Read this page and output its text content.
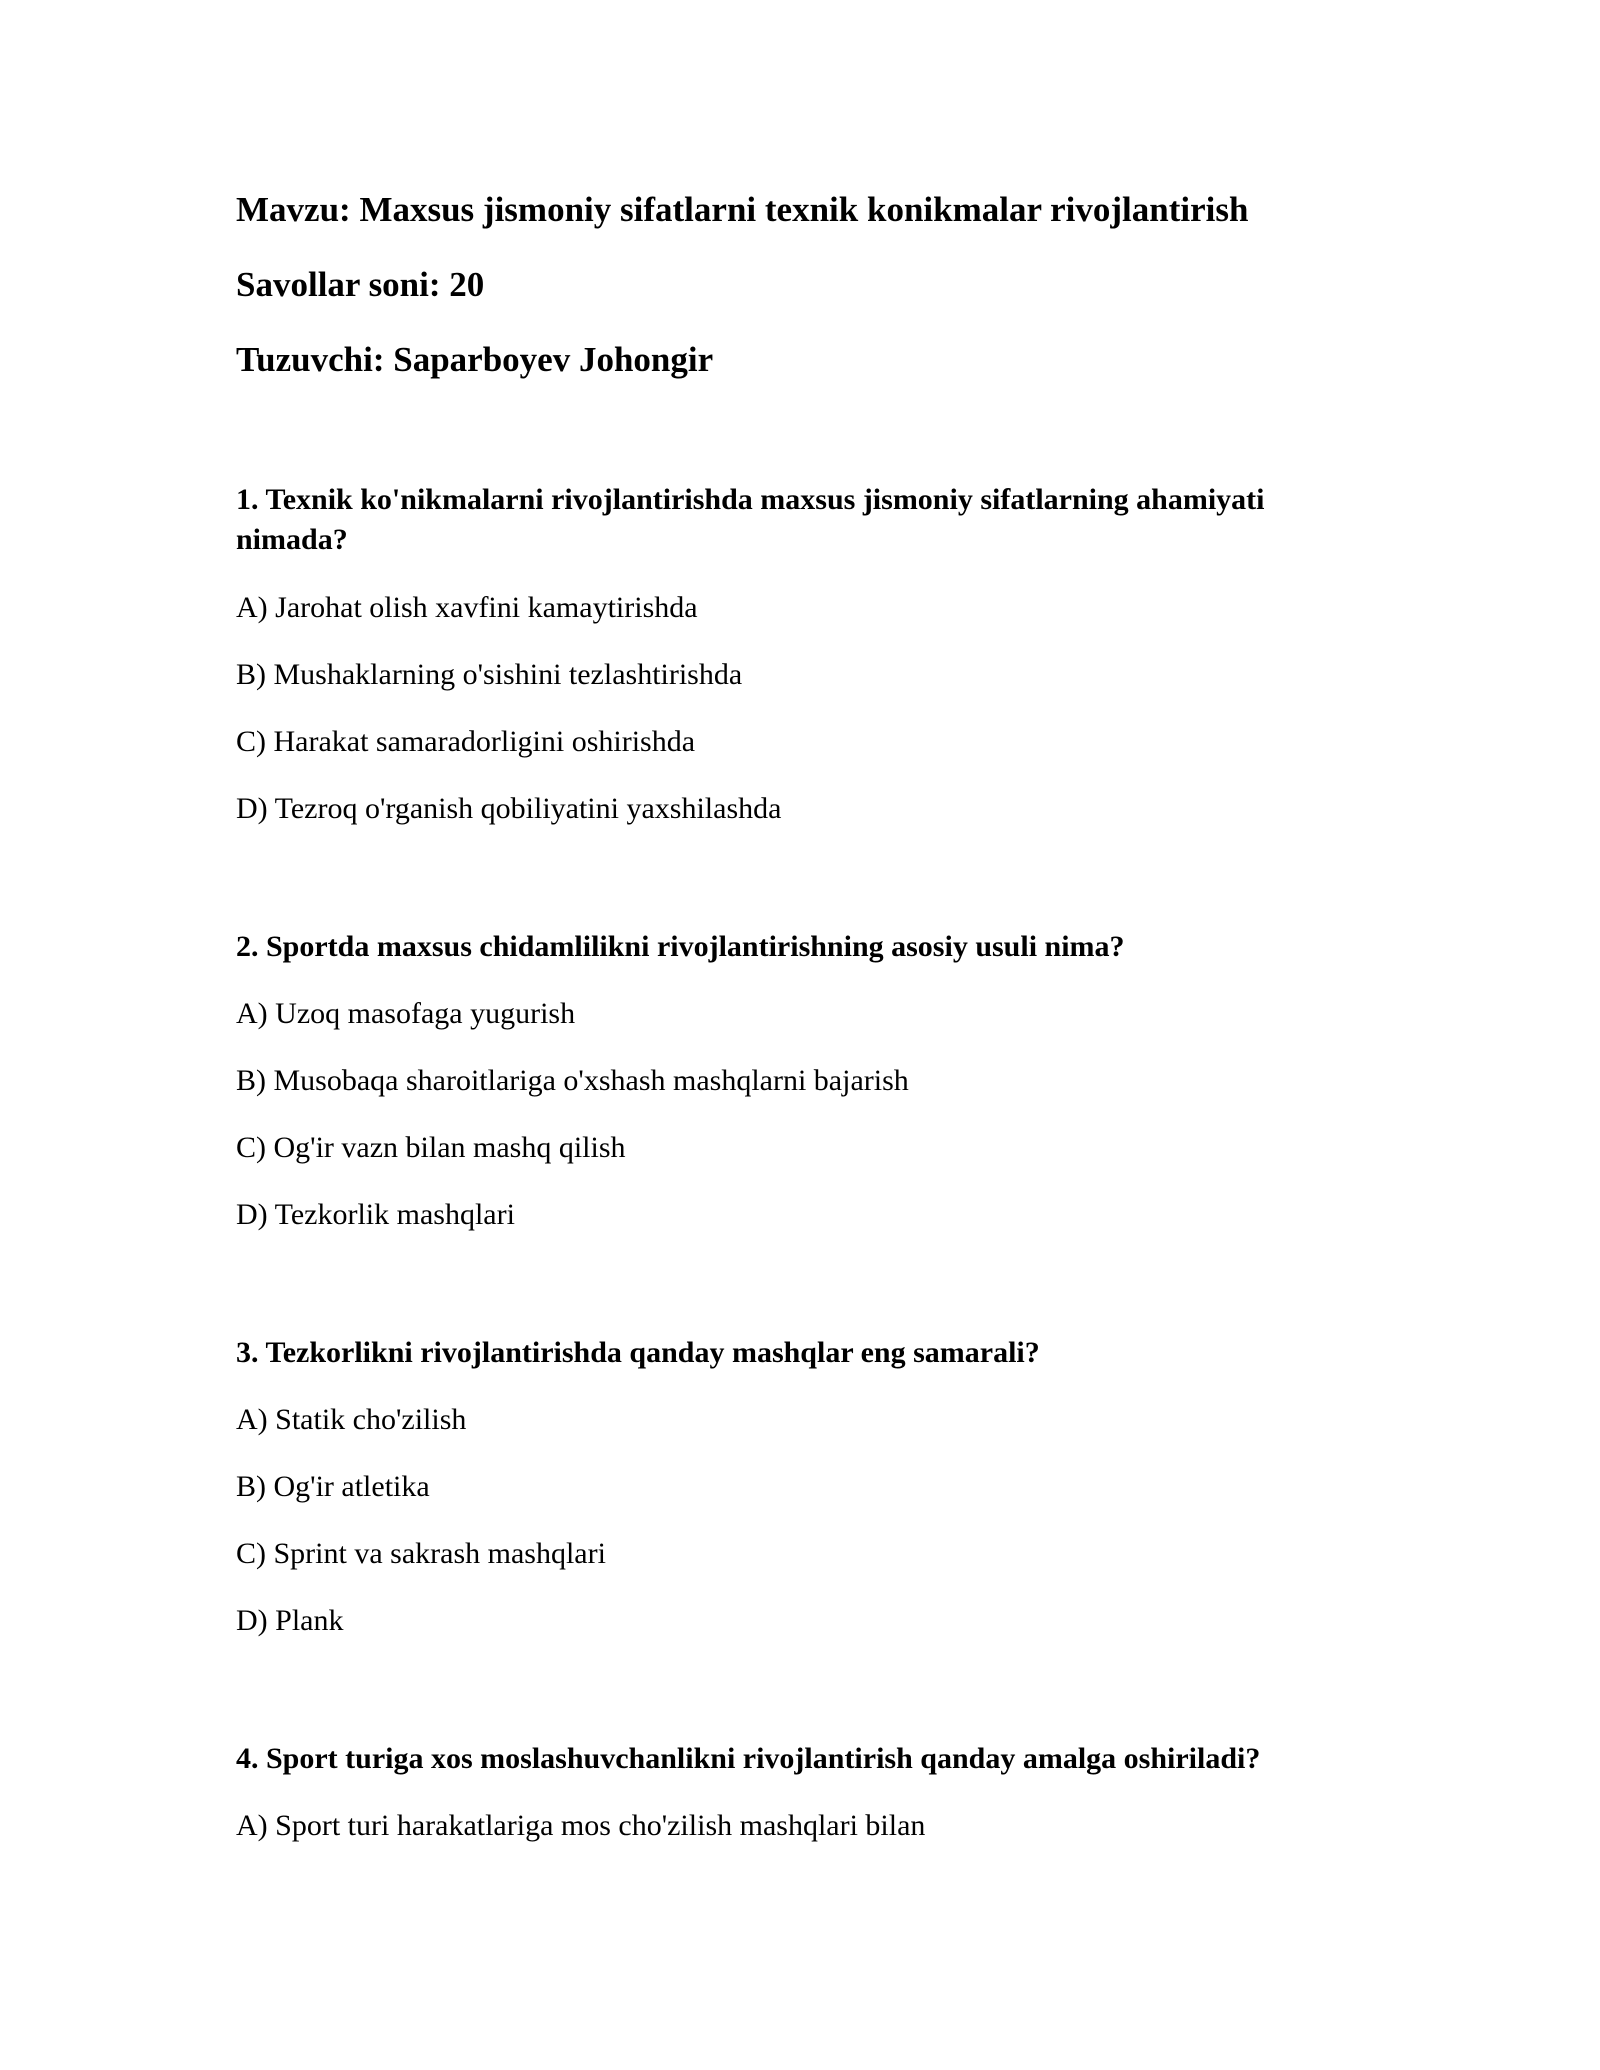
Mavzu: Maxsus jismoniy sifatlarni texnik konikmalar rivojlantirish
Savollar soni: 20
Tuzuvchi: Saparboyev Johongir
1. Texnik ko'nikmalarni rivojlantirishda maxsus jismoniy sifatlarning ahamiyati nimada?
A) Jarohat olish xavfini kamaytirishda
B) Mushaklarning o'sishini tezlashtirishda
C) Harakat samaradorligini oshirishda
D) Tezroq o'rganish qobiliyatini yaxshilashda
2. Sportda maxsus chidamlilikni rivojlantirishning asosiy usuli nima?
A) Uzoq masofaga yugurish
B) Musobaqa sharoitlariga o'xshash mashqlarni bajarish
C) Og'ir vazn bilan mashq qilish
D) Tezkorlik mashqlari
3. Tezkorlikni rivojlantirishda qanday mashqlar eng samarali?
A) Statik cho'zilish
B) Og'ir atletika
C) Sprint va sakrash mashqlari
D) Plank
4. Sport turiga xos moslashuvchanlikni rivojlantirish qanday amalga oshiriladi?
A) Sport turi harakatlariga mos cho'zilish mashqlari bilan
